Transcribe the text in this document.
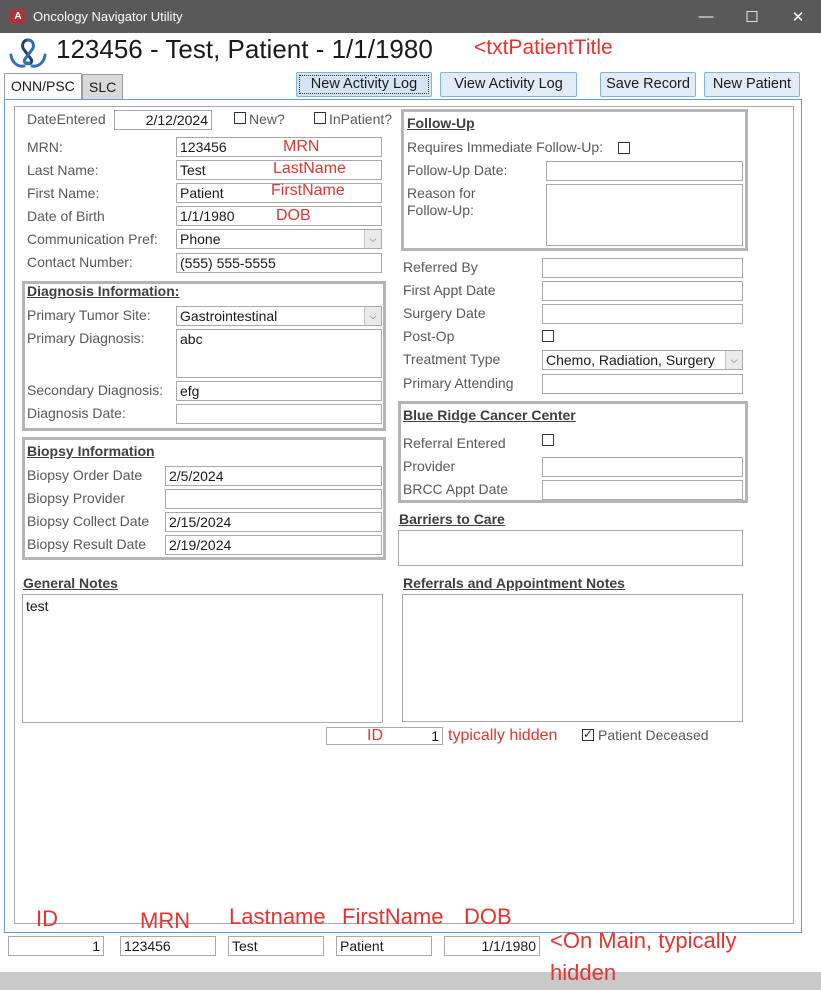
A Oncology Navigator Utility	—	☐	✕
123456 - Test, Patient - 1/1/1980 <txtPatientTitle
ONN/PSC	SLC	New Activity Log	View Activity Log	Save Record	New Patient
DateEntered	2/12/2024	New?	InPatient?
MRN:	123456	MRN
Last Name:	Test	LastName
First Name:	Patient	FirstName
Date of Birth	1/1/1980	DOB
Communication Pref: Phone	⌵
Contact Number:	(555) 555-5555
Diagnosis Information:
Primary Tumor Site: Gastrointestinal	⌵
Primary Diagnosis:	abc
Secondary Diagnosis: efg
Diagnosis Date:
Biopsy Information
Biopsy Order Date 2/5/2024
Biopsy Provider
Biopsy Collect Date 2/15/2024
Biopsy Result Date 2/19/2024
General Notes
test
Follow-Up
Requires Immediate Follow-Up:
Follow-Up Date:
Reason for
Follow-Up:
Referred By
First Appt Date
Surgery Date
Post-Op
Treatment Type	Chemo, Radiation, Surgery	⌵
Primary Attending
Blue Ridge Cancer Center
Referral Entered
Provider
BRCC Appt Date
Barriers to Care
Referrals and Appointment Notes
ID	1 typically hidden
✓	Patient Deceased
ID	MRN Lastname FirstName DOB
1 123456	Test	Patient	1/1/1980 <On Main, typically
hidden
